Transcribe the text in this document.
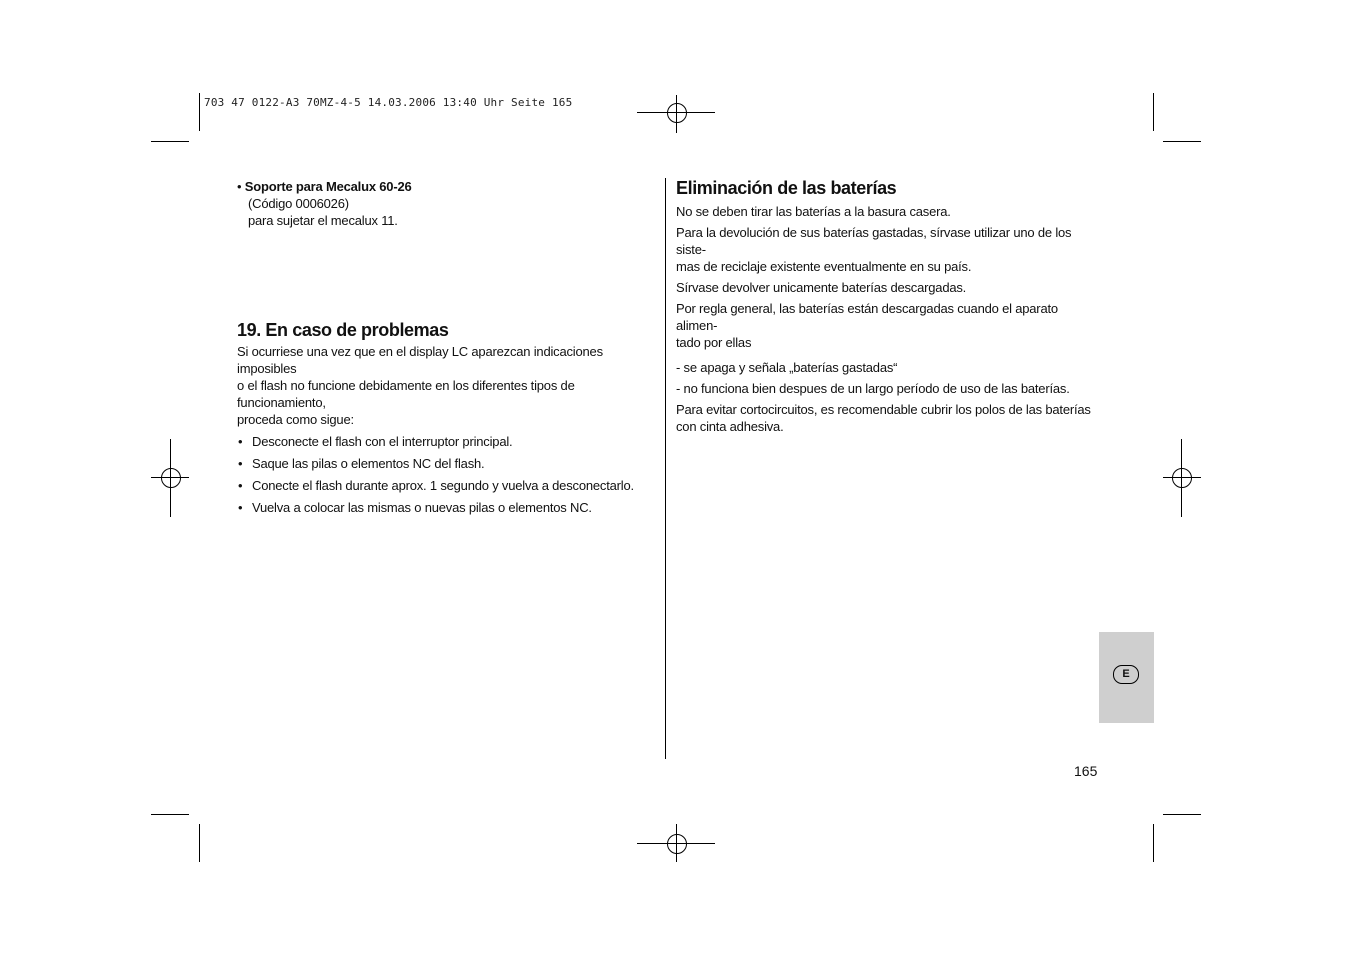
703 47 0122-A3 70MZ-4-5 14.03.2006 13:40 Uhr Seite 165
• Soporte para Mecalux 60-26
(Código 0006026)
para sujetar el mecalux 11.
19. En caso de problemas

Si ocurriese una vez que en el display LC aparezcan indicaciones imposibles

o el flash no funcione debidamente en los diferentes tipos de funcionamiento,

proceda como sigue:

• Desconecte el flash con el interruptor principal.
• Saque las pilas o elementos NC del flash.
• Conecte el flash durante aprox. 1 segundo y vuelva a desconectarlo.
• Vuelva a colocar las mismas o nuevas pilas o elementos NC.
Eliminación de las baterías

No se deben tirar las baterías a la basura casera.

Para la devolución de sus baterías gastadas, sírvase utilizar uno de los siste-

mas de reciclaje existente eventualmente en su país.

Sírvase devolver unicamente baterías descargadas.

Por regla general, las baterías están descargadas cuando el aparato alimen-

tado por ellas

- se apaga y señala „baterías gastadas“

- no funciona bien despues de un largo período de uso de las baterías.

Para evitar cortocircuitos, es recomendable cubrir los polos de las baterías

con cinta adhesiva.

E
165
